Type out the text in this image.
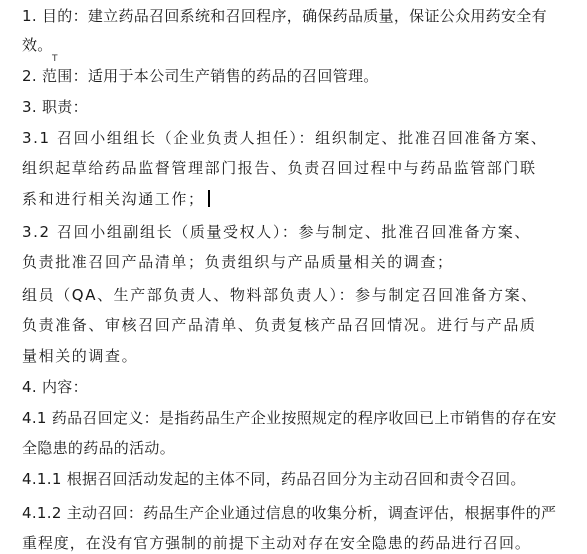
1. 目的：建立药品召回系统和召回程序，确保药品质量，保证公众用药安全有
效。
2. 范围：适用于本公司生产销售的药品的召回管理。
3. 职责：
3.1 召回小组组长（企业负责人担任）：组织制定、批准召回准备方案、
组织起草给药品监督管理部门报告、负责召回过程中与药品监管部门联
系和进行相关沟通工作；
3.2 召回小组副组长（质量受权人）：参与制定、批准召回准备方案、
负责批准召回产品清单；负责组织与产品质量相关的调查；
组员（QA、生产部负责人、物料部负责人）：参与制定召回准备方案、
负责准备、审核召回产品清单、负责复核产品召回情况。进行与产品质
量相关的调查。
4. 内容：
4.1 药品召回定义：是指药品生产企业按照规定的程序收回已上市销售的存在安
全隐患的药品的活动。
4.1.1 根据召回活动发起的主体不同，药品召回分为主动召回和责令召回。
4.1.2 主动召回：药品生产企业通过信息的收集分析，调查评估，根据事件的严
重程度，在没有官方强制的前提下主动对存在安全隐患的药品进行召回。
T
